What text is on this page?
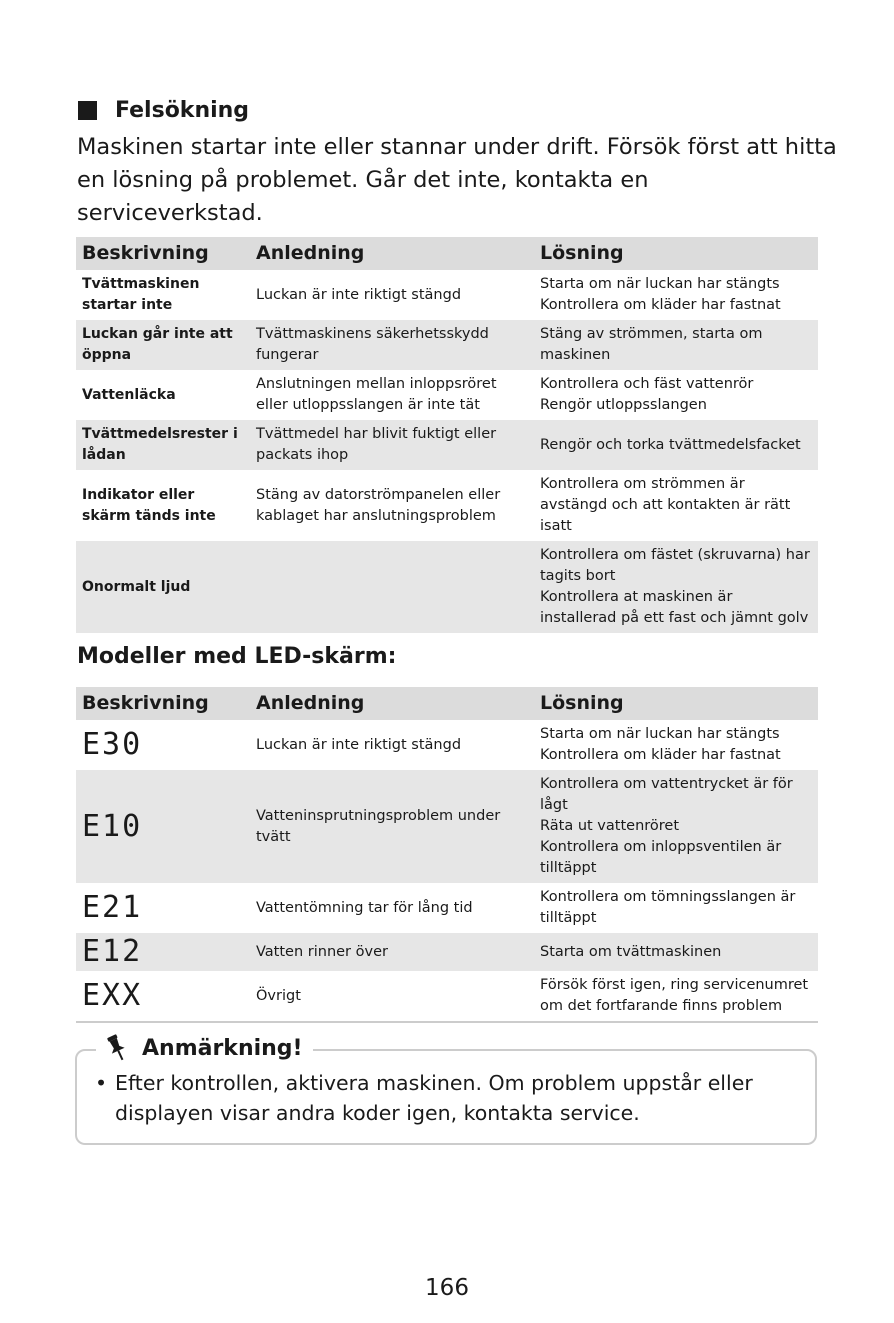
Felsökning

Maskinen startar inte eller stannar under drift. Försök först att hitta en lösning på problemet. Går det inte, kontakta en serviceverkstad.

Beskrivning	Anledning	Lösning
Tvättmaskinen startar inte	Luckan är inte riktigt stängd	Starta om när luckan har stängts
Kontrollera om kläder har fastnat

Luckan går inte att öppna	Tvättmaskinens säkerhetsskydd fungerar	Stäng av strömmen, starta om maskinen

Vattenläcka	Anslutningen mellan inloppsröret eller utloppsslangen är inte tät	Kontrollera och fäst vattenrör
Rengör utloppsslangen

Tvättmedelsrester i lådan	Tvättmedel har blivit fuktigt eller packats ihop	Rengör och torka tvättmedelsfacket

Indikator eller skärm tänds inte	Stäng av datorströmpanelen eller kablaget har anslutningsproblem	Kontrollera om strömmen är avstängd och att kontakten är rätt isatt

Onormalt ljud		Kontrollera om fästet (skruvarna) har tagits bort
Kontrollera at maskinen är installerad på ett fast och jämnt golv
Modeller med LED-skärm:
Beskrivning	Anledning	Lösning
E30	Luckan är inte riktigt stängd	Starta om när luckan har stängts
Kontrollera om kläder har fastnat

E10	Vatteninsprutningsproblem under tvätt	Kontrollera om vattentrycket är för lågt
Räta ut vattenröret
Kontrollera om inloppsventilen är tilltäppt

E21	Vattentömning tar för lång tid	Kontrollera om tömningsslangen är tilltäppt

E12	Vatten rinner över	Starta om tvättmaskinen

EXX	Övrigt	Försök först igen, ring servicenumret om det fortfarande finns problem
Anmärkning!
• Efter kontrollen, aktivera maskinen. Om problem uppstår eller displayen visar andra koder igen, kontakta service.
166
